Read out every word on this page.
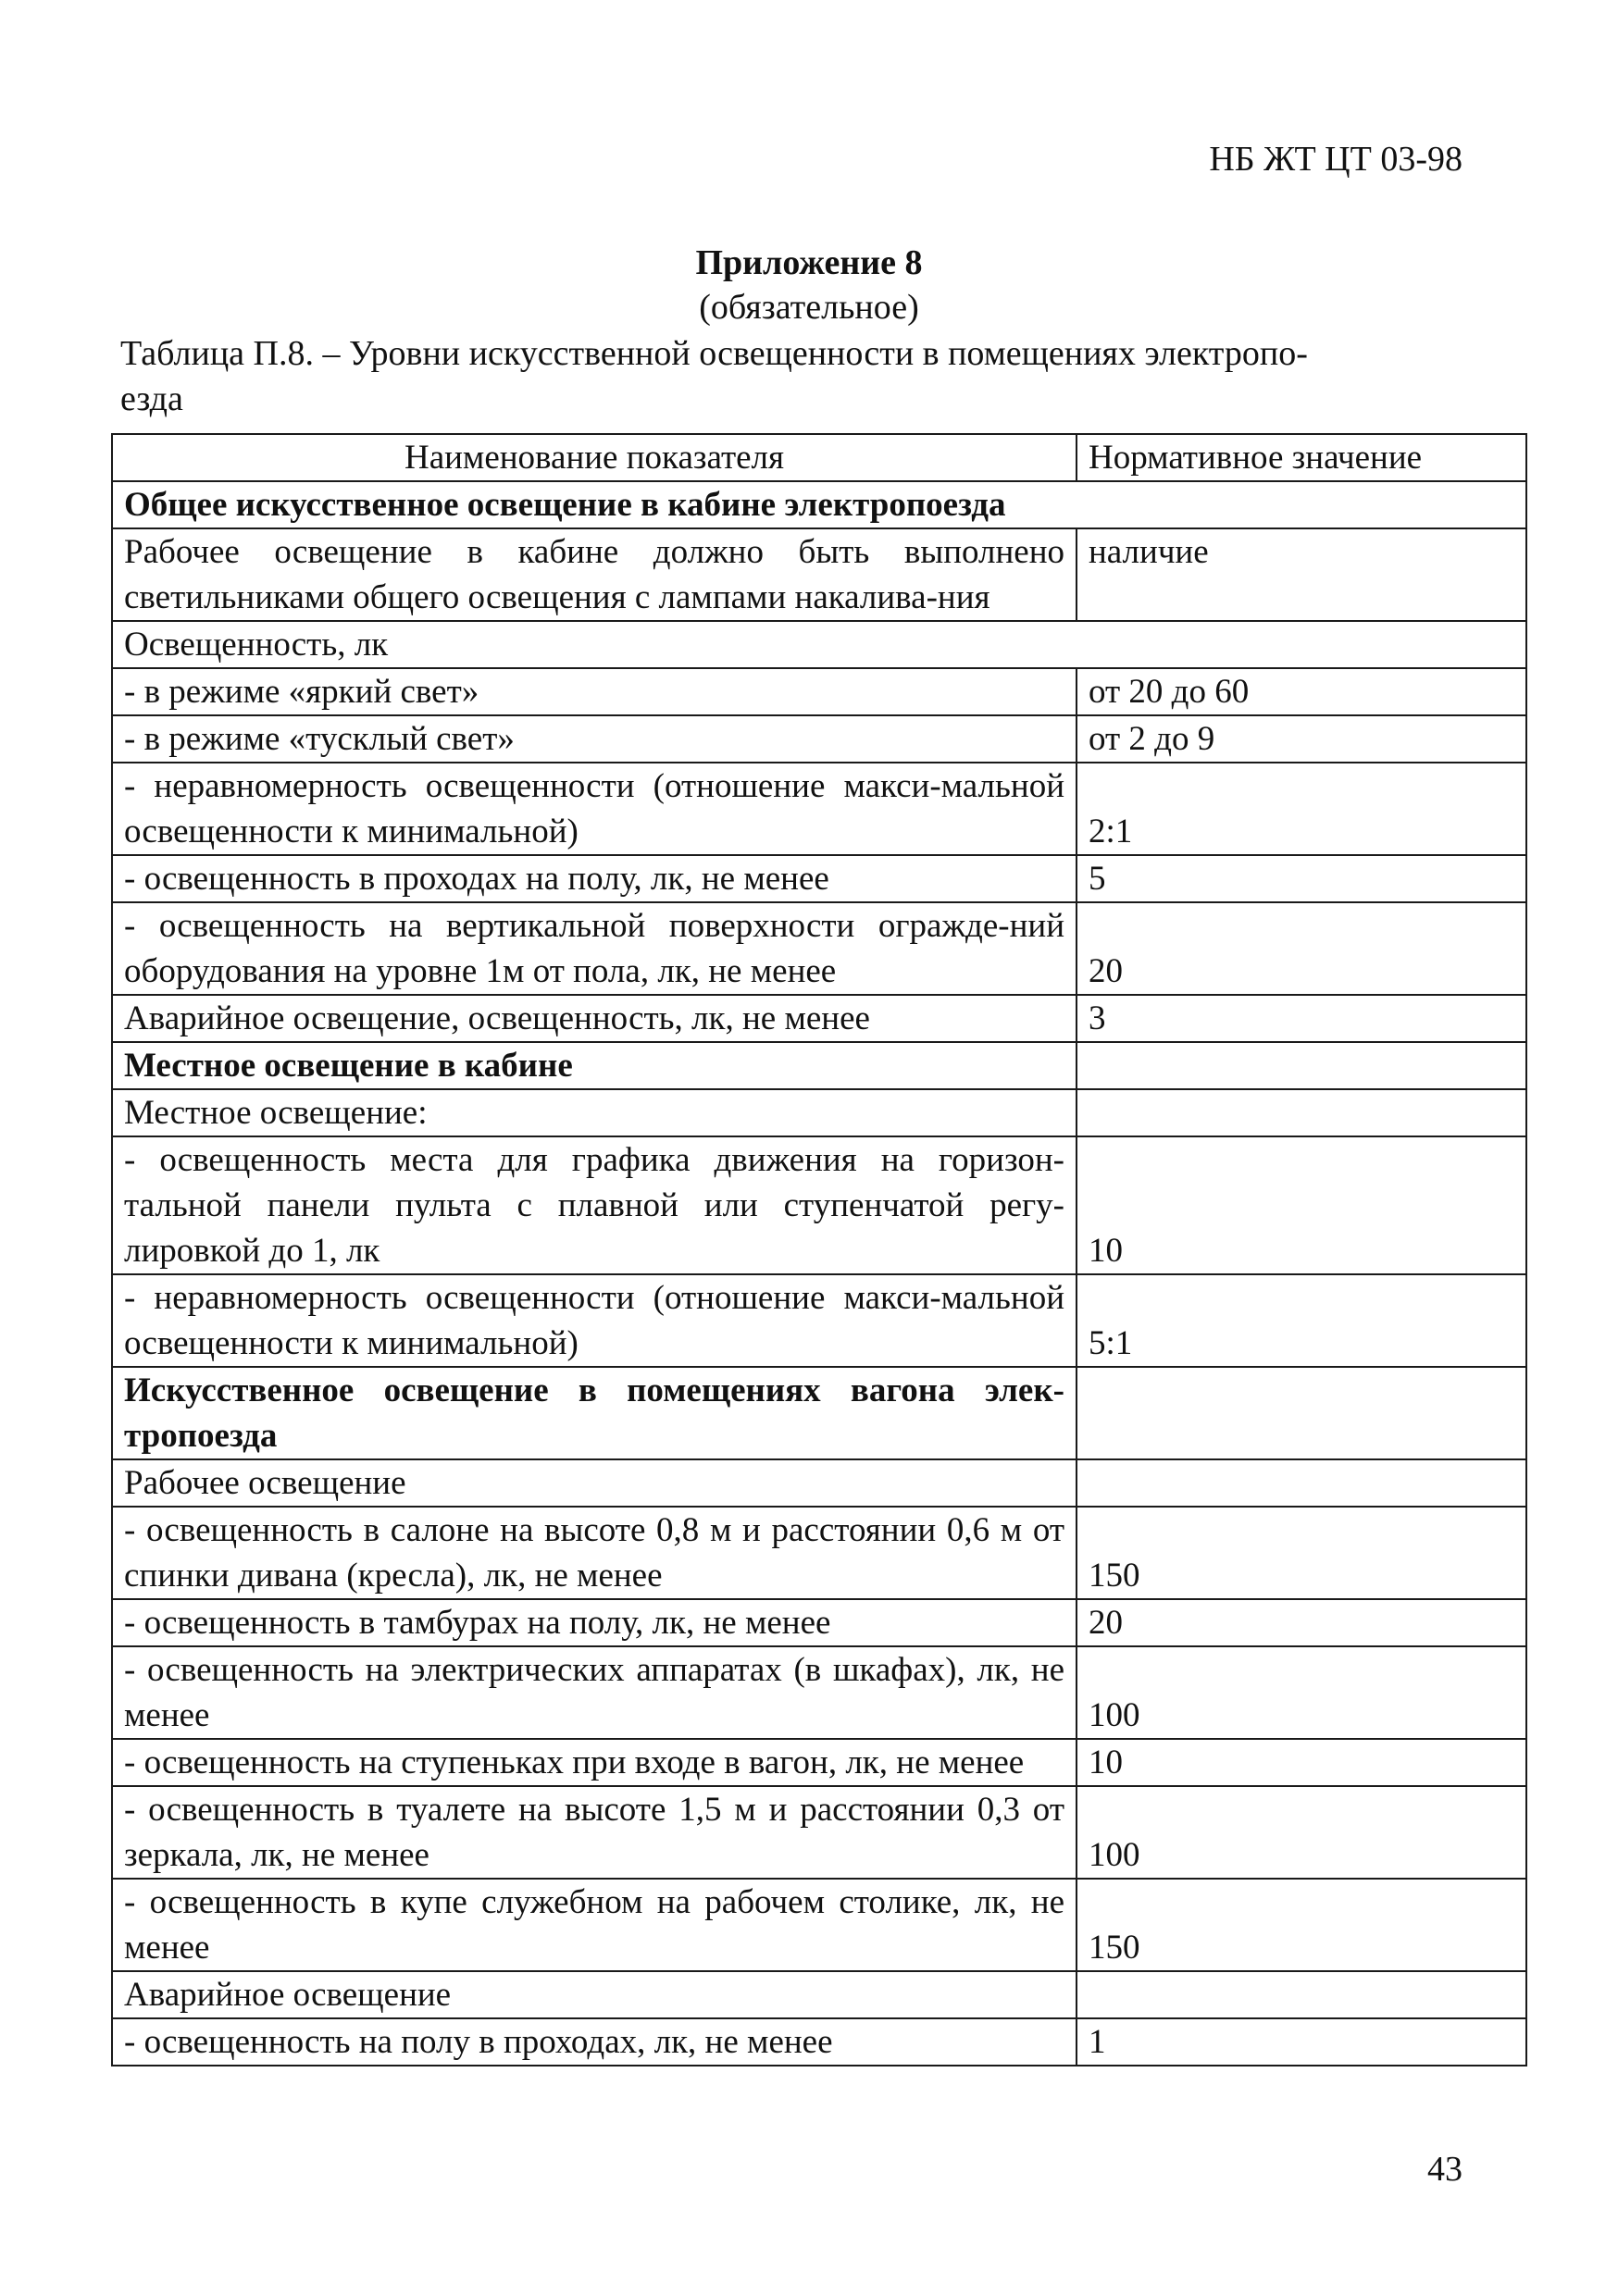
НБ ЖТ ЦТ 03-98
Приложение 8
(обязательное)
Таблица П.8. – Уровни искусственной освещенности в помещениях электропо-
езда
Наименование показателя	Нормативное значение
Общее искусственное освещение в кабине электропоезда	
Рабочее освещение в кабине должно быть выполнено светильниками общего освещения с лампами накалива-ния	наличие
Освещенность, лк	
- в режиме «яркий свет»	от 20 до 60
- в режиме «тусклый свет»	от 2 до 9
- неравномерность освещенности (отношение макси-мальной освещенности к минимальной)	2:1
- освещенность в проходах на полу, лк, не менее	5
- освещенность на вертикальной поверхности огражде-ний оборудования на уровне 1м от пола, лк, не менее	20
Аварийное освещение, освещенность, лк, не менее	3
Местное освещение в кабине	
Местное освещение:	
- освещенность места для графика движения на горизон-тальной панели пульта с плавной или ступенчатой регу-лировкой до 1, лк	10
- неравномерность освещенности (отношение макси-мальной освещенности к минимальной)	5:1
Искусственное освещение в помещениях вагона элек-тропоезда	
Рабочее освещение	
- освещенность в салоне на высоте 0,8 м и расстоянии 0,6 м от спинки дивана (кресла), лк, не менее	150
- освещенность в тамбурах на полу, лк, не менее	20
- освещенность на электрических аппаратах (в шкафах), лк, не менее	100
- освещенность на ступеньках при входе в вагон, лк, не менее	10
- освещенность в туалете на высоте 1,5 м и расстоянии 0,3 от зеркала, лк, не менее	100
- освещенность в купе служебном на рабочем столике, лк, не менее	150
Аварийное освещение	
- освещенность на полу в проходах, лк, не менее	1
43
